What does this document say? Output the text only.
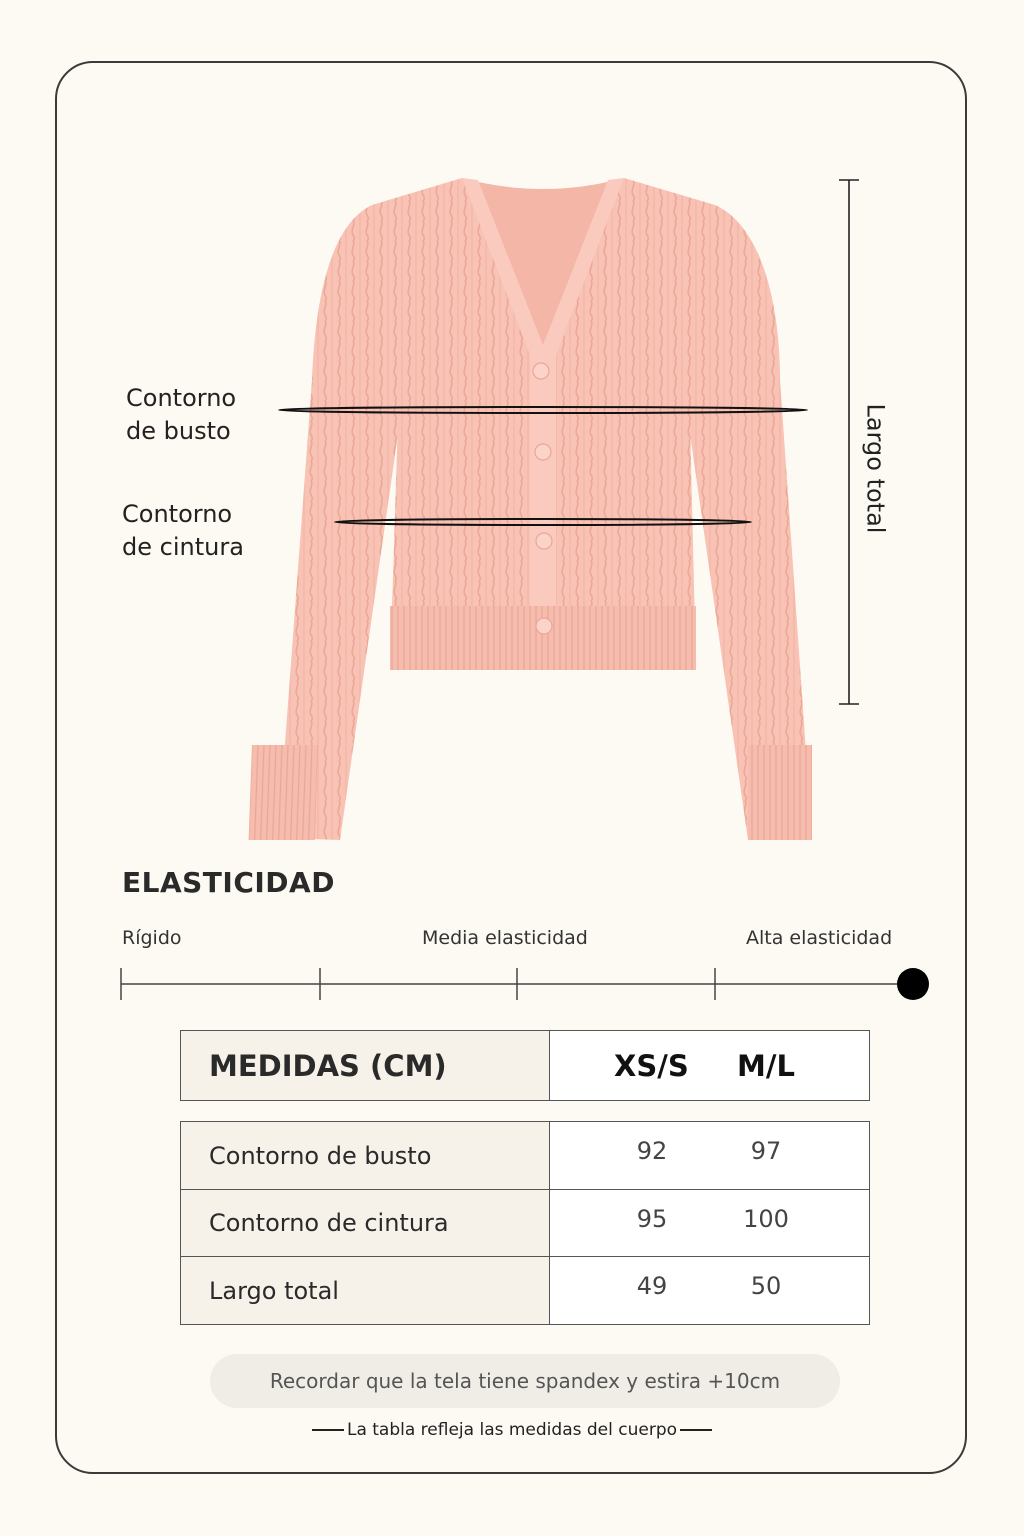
Contorno
de busto
Contorno
de cintura
Largo total
ELASTICIDAD
Rígido	Media elasticidad	Alta elasticidad
MEDIDAS (CM)	XS/S M/L
Contorno de busto	92	97
Contorno de cintura	95	100
Largo total	49	50
Recordar que la tela tiene spandex y estira +10cm
La tabla refleja las medidas del cuerpo
